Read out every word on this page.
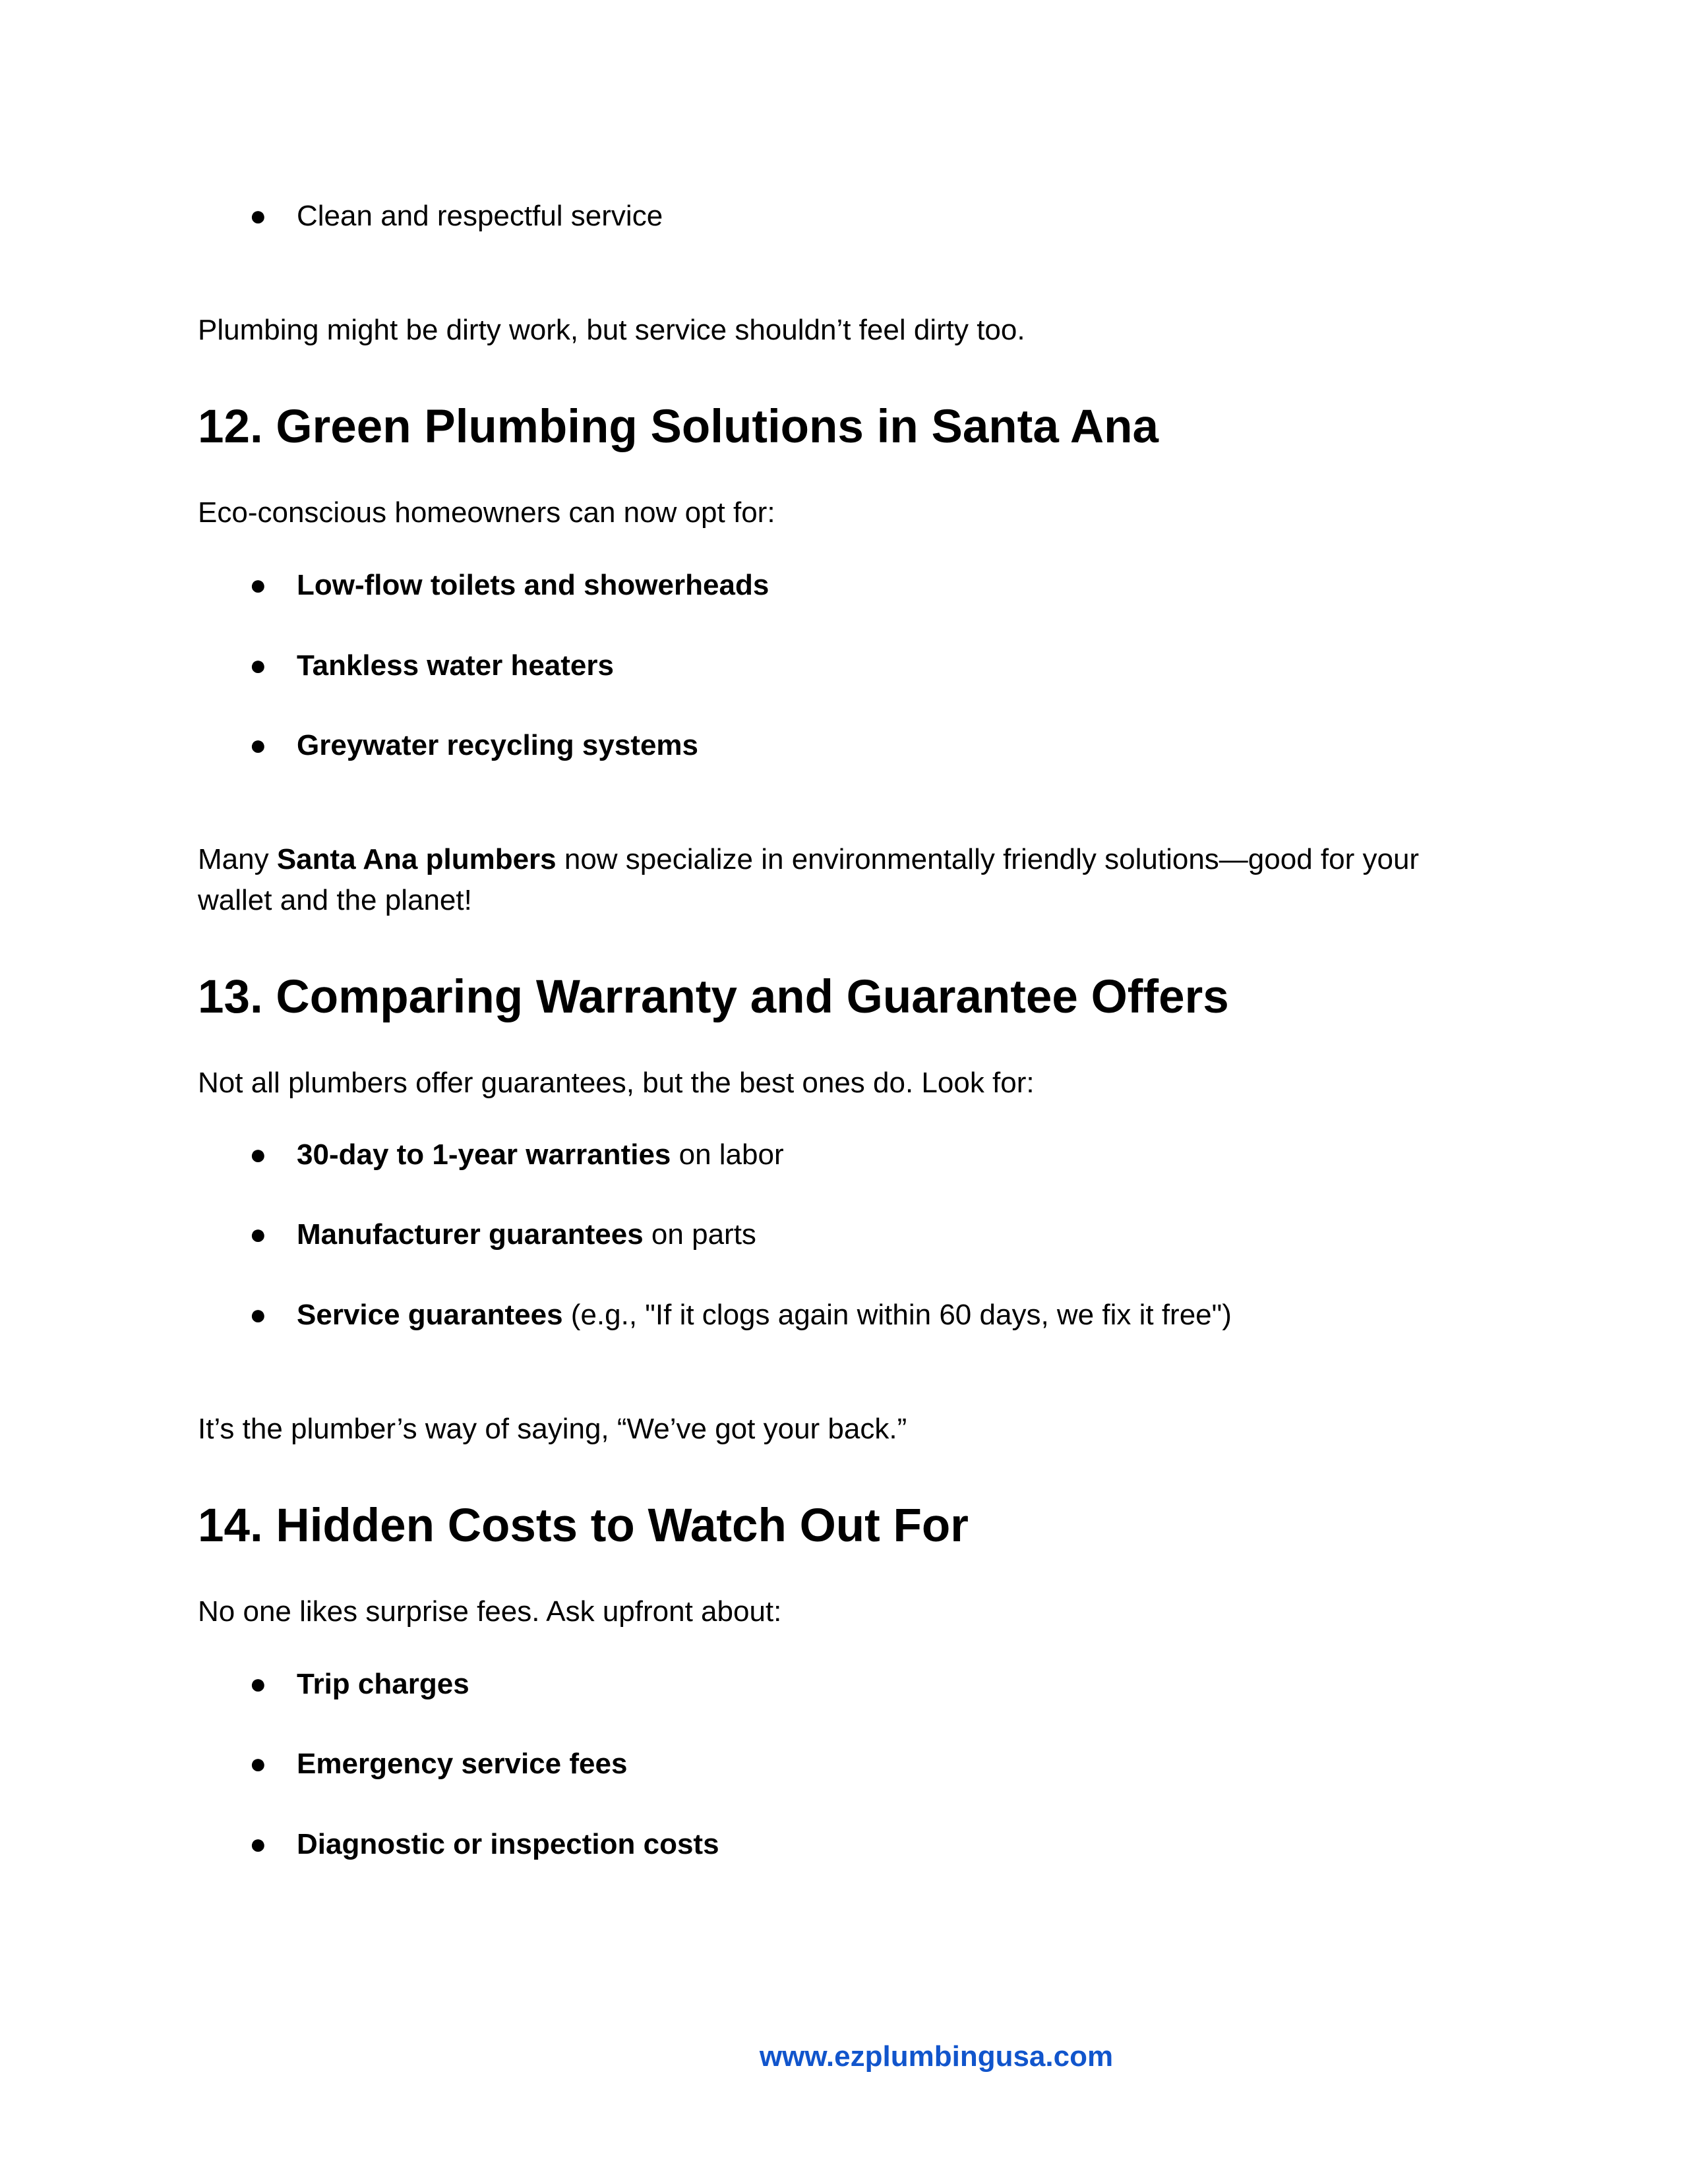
● Clean and respectful service

Plumbing might be dirty work, but service shouldn’t feel dirty too.

12. Green Plumbing Solutions in Santa Ana

Eco-conscious homeowners can now opt for:

● Low-flow toilets and showerheads
● Tankless water heaters
● Greywater recycling systems

Many Santa Ana plumbers now specialize in environmentally friendly solutions—good for your wallet and the planet!

13. Comparing Warranty and Guarantee Offers

Not all plumbers offer guarantees, but the best ones do. Look for:

● 30-day to 1-year warranties on labor
● Manufacturer guarantees on parts
● Service guarantees (e.g., "If it clogs again within 60 days, we fix it free")

It’s the plumber’s way of saying, “We’ve got your back.”

14. Hidden Costs to Watch Out For

No one likes surprise fees. Ask upfront about:

● Trip charges
● Emergency service fees
● Diagnostic or inspection costs
www.ezplumbingusa.com
